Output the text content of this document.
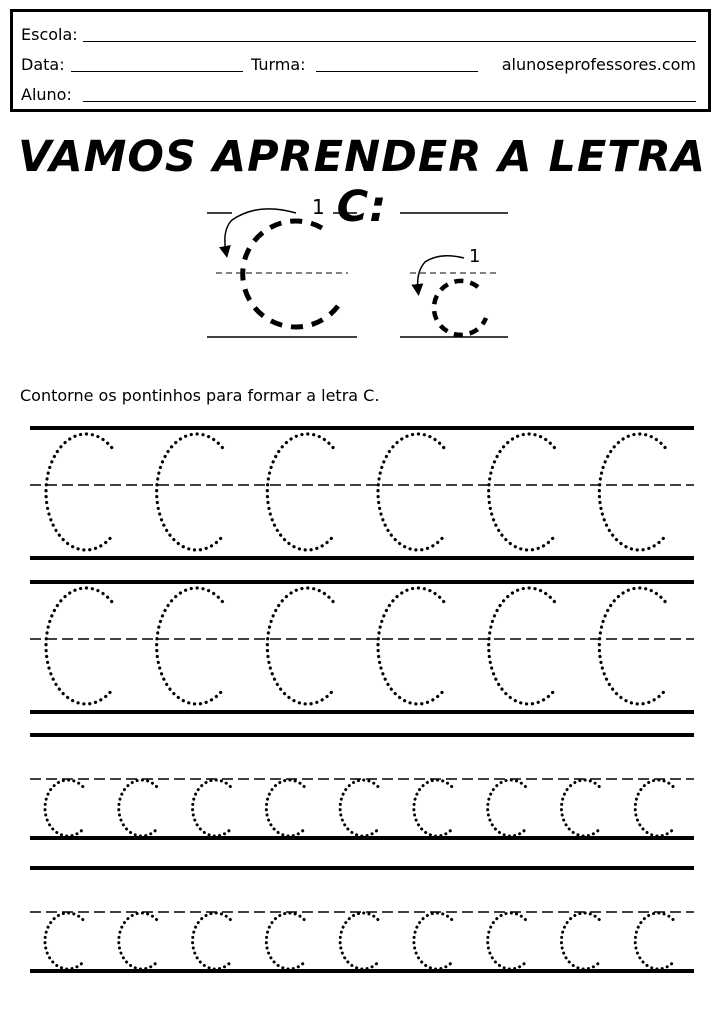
Escola:
Data:	Turma:	alunoseprofessores.com
Aluno:
VAMOS APRENDER A LETRA C:
Contorne os pontinhos para formar a letra C.
1
1
